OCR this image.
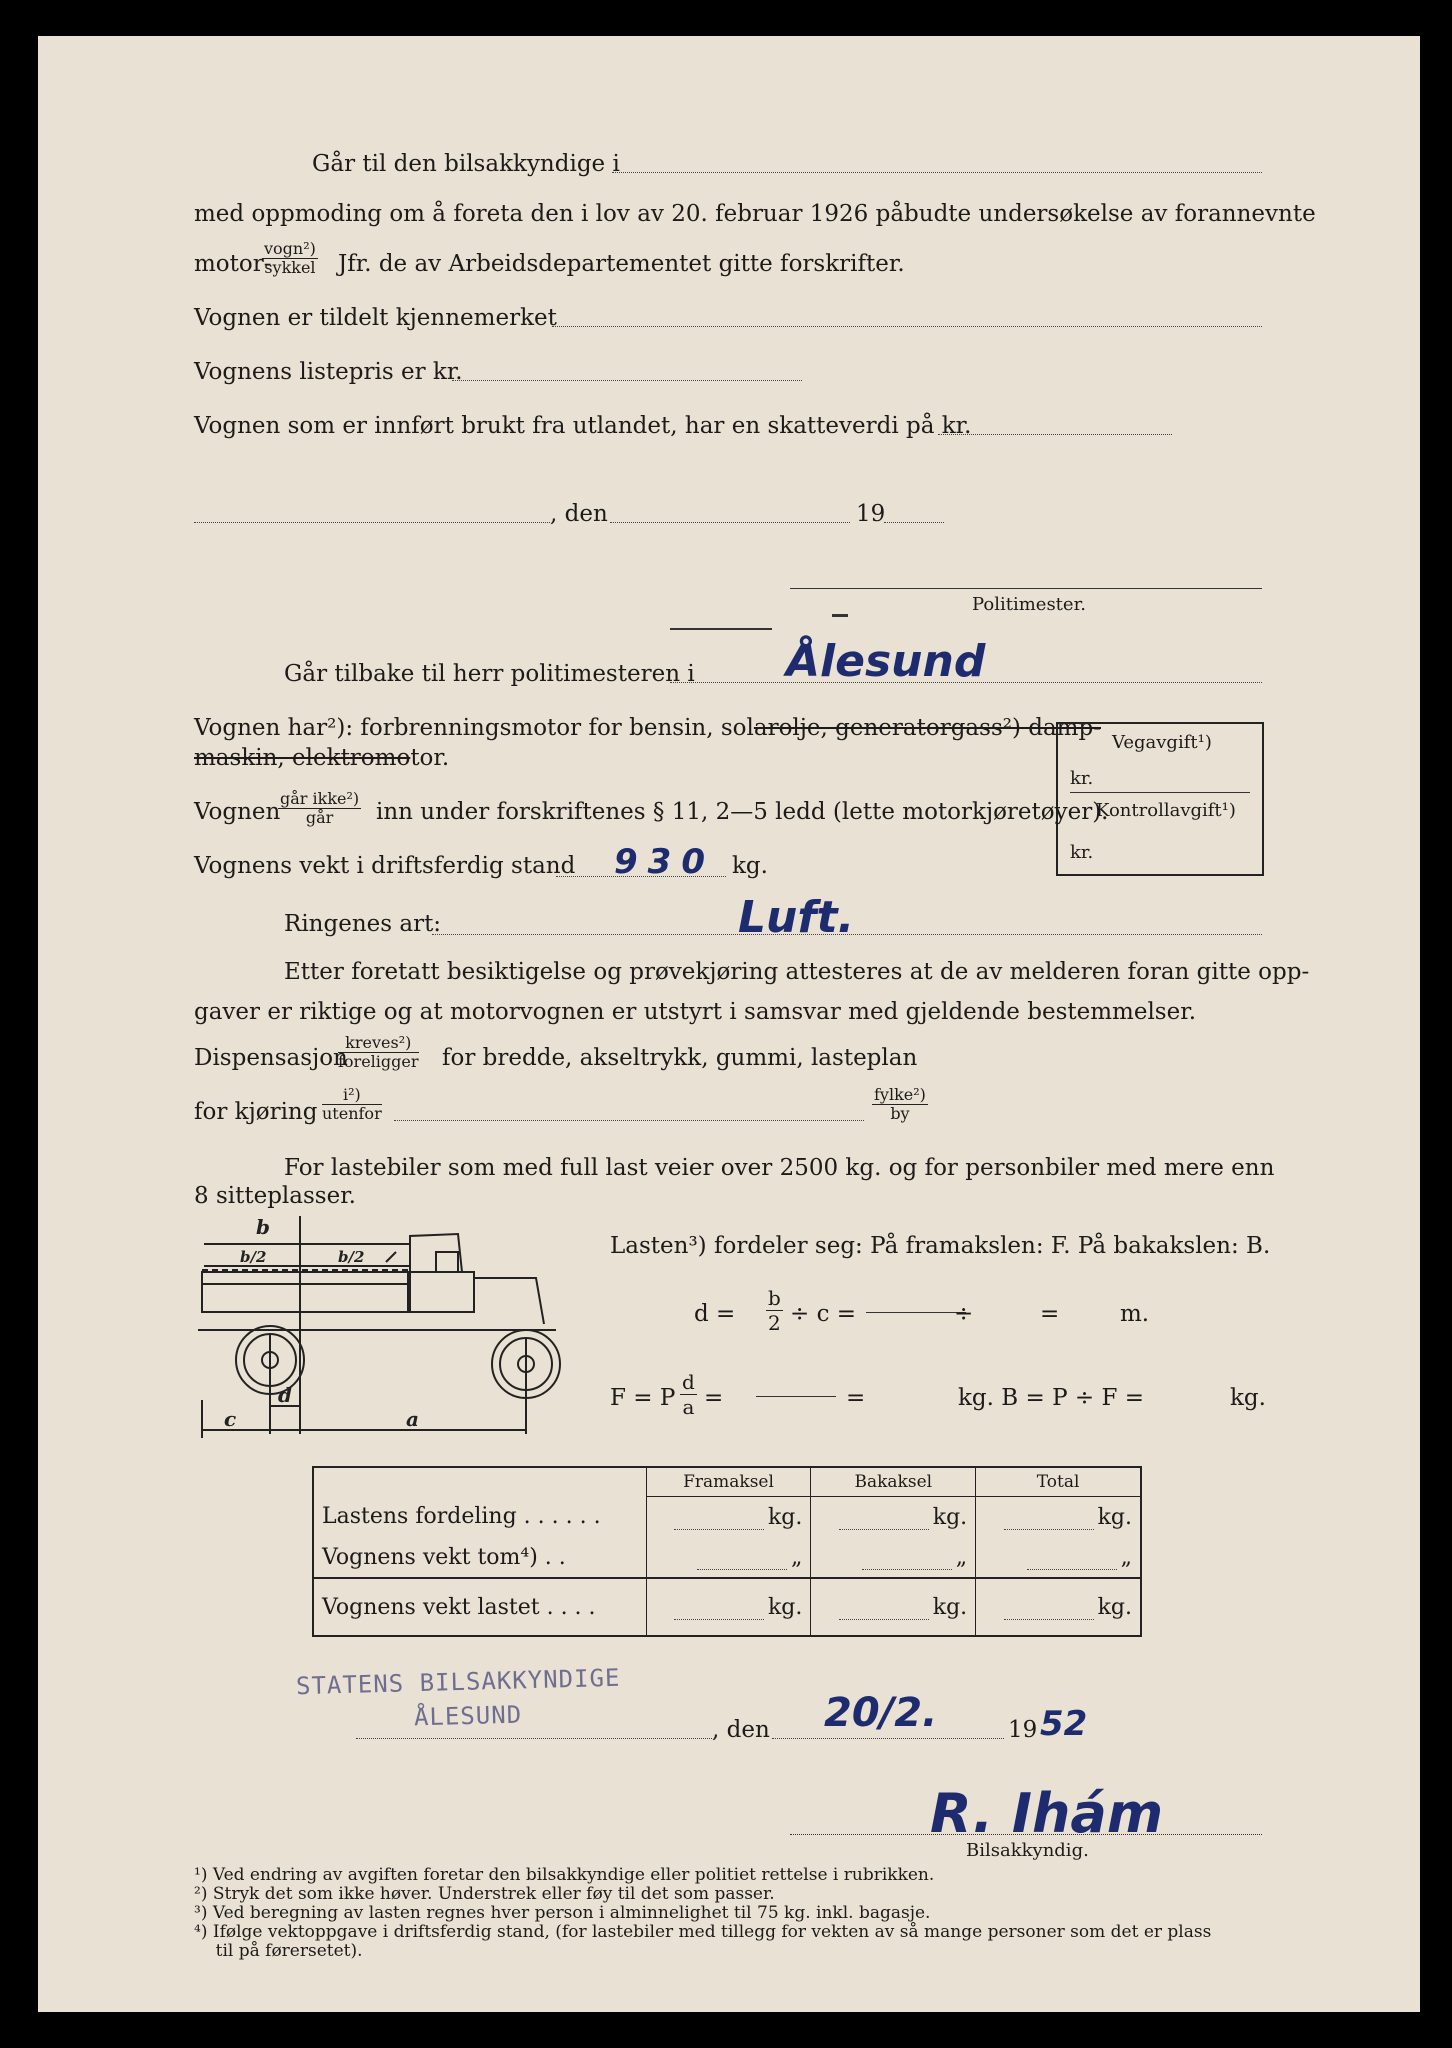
Går til den bilsakkyndige i
med oppmoding om å foreta den i lov av 20. februar 1926 påbudte undersøkelse av forannevnte
motor-
vogn²)
sykkel Jfr. de av Arbeidsdepartementet gitte forskrifter.
Vognen er tildelt kjennemerket
Vognens listepris er kr.
Vognen som er innført brukt fra utlandet, har en skatteverdi på kr.
, den	19
Politimester.
Går tilbake til herr politimesteren i Ålesund
Vognen har²): forbrenningsmotor for bensin, solarolje, generatorgass²) damp-
maskin, elektromotor.
Vegavgift¹)
kr.
Kontrollavgift¹)
kr.
Vognen
går ikke²)
går	inn under forskriftenes § 11, 2—5 ledd (lette motorkjøretøyer).
Vognens vekt i driftsferdig stand 930 kg.
Ringenes art:	Luft.
Etter foretatt besiktigelse og prøvekjøring attesteres at de av melderen foran gitte opp-
gaver er riktige og at motorvognen er utstyrt i samsvar med gjeldende bestemmelser.
Dispensasjon
kreves²)
foreligger for bredde, akseltrykk, gummi, lasteplan
for kjøring
i²)
utenfor
fylke²)
by
For lastebiler som med full last veier over 2500 kg. og for personbiler med mere enn
8 sitteplasser.
b
b/2	b/2
c
d
a
Lasten³) fordeler seg: På framakslen: F. På bakakslen: B.
$d = \frac{b}{2} \div c$ =	÷	=	m.
F = P $\frac{d}{a}$ =	=	kg. B = P ÷ F =	kg.
	Framaksel	Bakaksel	Total
Lastens fordeling . . . . . .	kg.	kg.	kg.

Vognens vekt tom⁴) . .	„	„	„

Vognens vekt lastet . . . .	kg.	kg.	kg.
STATENS BILSAKKYNDIGE
ÅLESUND	, den 20/2.	19 52
R. Ihám
Bilsakkyndig.
¹) Ved endring av avgiften foretar den bilsakkyndige eller politiet rettelse i rubrikken.
²) Stryk det som ikke høver. Understrek eller føy til det som passer.
³) Ved beregning av lasten regnes hver person i alminnelighet til 75 kg. inkl. bagasje.
⁴) Ifølge vektoppgave i driftsferdig stand, (for lastebiler med tillegg for vekten av så mange personer som det er plass
til på førersetet).
